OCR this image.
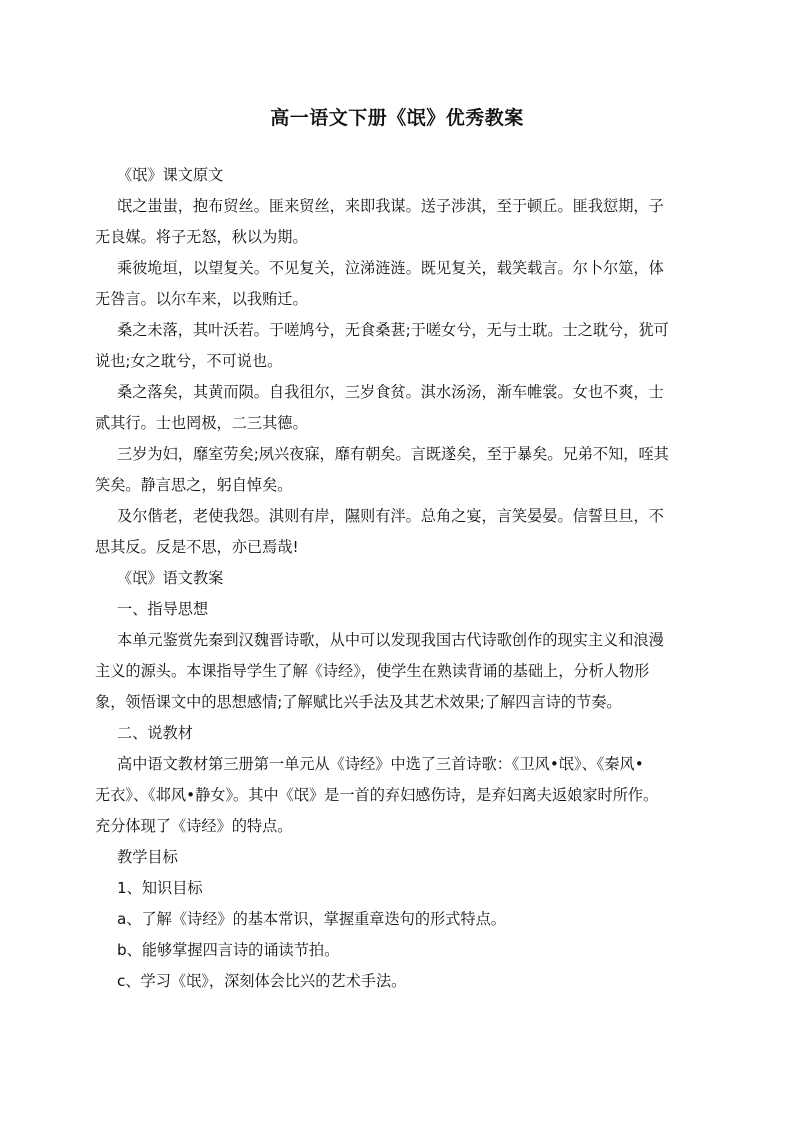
高一语文下册《氓》优秀教案
《氓》课文原文
氓之蚩蚩，抱布贸丝。匪来贸丝，来即我谋。送子涉淇，至于顿丘。匪我愆期，子
无良媒。将子无怒，秋以为期。
乘彼垝垣，以望复关。不见复关，泣涕涟涟。既见复关，载笑载言。尔卜尔筮，体
无咎言。以尔车来，以我贿迁。
桑之未落，其叶沃若。于嗟鸠兮，无食桑葚;于嗟女兮，无与士耽。士之耽兮，犹可
说也;女之耽兮，不可说也。
桑之落矣，其黄而陨。自我徂尔，三岁食贫。淇水汤汤，渐车帷裳。女也不爽，士
贰其行。士也罔极，二三其德。
三岁为妇，靡室劳矣;夙兴夜寐，靡有朝矣。言既遂矣，至于暴矣。兄弟不知，咥其
笑矣。静言思之，躬自悼矣。
及尔偕老，老使我怨。淇则有岸，隰则有泮。总角之宴，言笑晏晏。信誓旦旦，不
思其反。反是不思，亦已焉哉!
《氓》语文教案
一、指导思想
本单元鉴赏先秦到汉魏晋诗歌，从中可以发现我国古代诗歌创作的现实主义和浪漫
主义的源头。本课指导学生了解《诗经》，使学生在熟读背诵的基础上，分析人物形
象，领悟课文中的思想感情;了解赋比兴手法及其艺术效果;了解四言诗的节奏。
二、说教材
高中语文教材第三册第一单元从《诗经》中选了三首诗歌：《卫风•氓》、《秦风•
无衣》、《邶风•静女》。其中《氓》是一首的弃妇感伤诗，是弃妇离夫返娘家时所作。
充分体现了《诗经》的特点。
教学目标
1、知识目标
a、了解《诗经》的基本常识，掌握重章迭句的形式特点。
b、能够掌握四言诗的诵读节拍。
c、学习《氓》，深刻体会比兴的艺术手法。
